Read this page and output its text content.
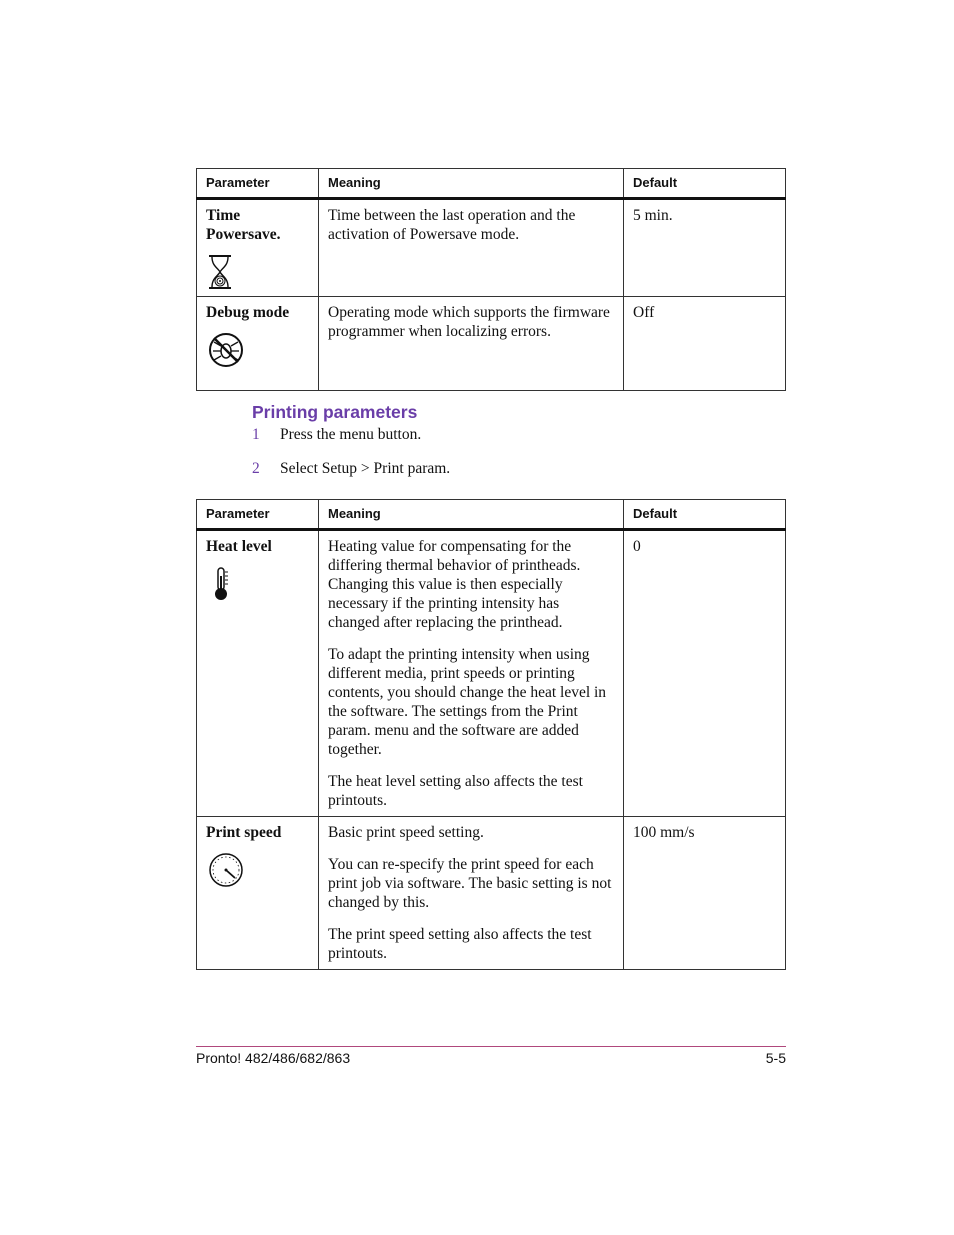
Parameter	Meaning	Default

Time Powersave.	Time between the last operation and the activation of Powersave mode.	5 min.

Debug mode	Operating mode which supports the firmware programmer when localizing errors.	Off
Printing parameters
1 Press the menu button.
2 Select Setup > Print param.
Parameter	Meaning	Default

Heat level	Heating value for compensating for the differing thermal behavior of printheads. Changing this value is then especially necessary if the printing intensity has changed after replacing the printhead.
To adapt the printing intensity when using different media, print speeds or printing contents, you should change the heat level in the software. The settings from the Print param. menu and the software are added together.
The heat level setting also affects the test printouts.	0

Print speed	Basic print speed setting.
You can re-specify the print speed for each print job via software. The basic setting is not changed by this.
The print speed setting also affects the test printouts.	100 mm/s
Pronto! 482/486/682/863	5-5
